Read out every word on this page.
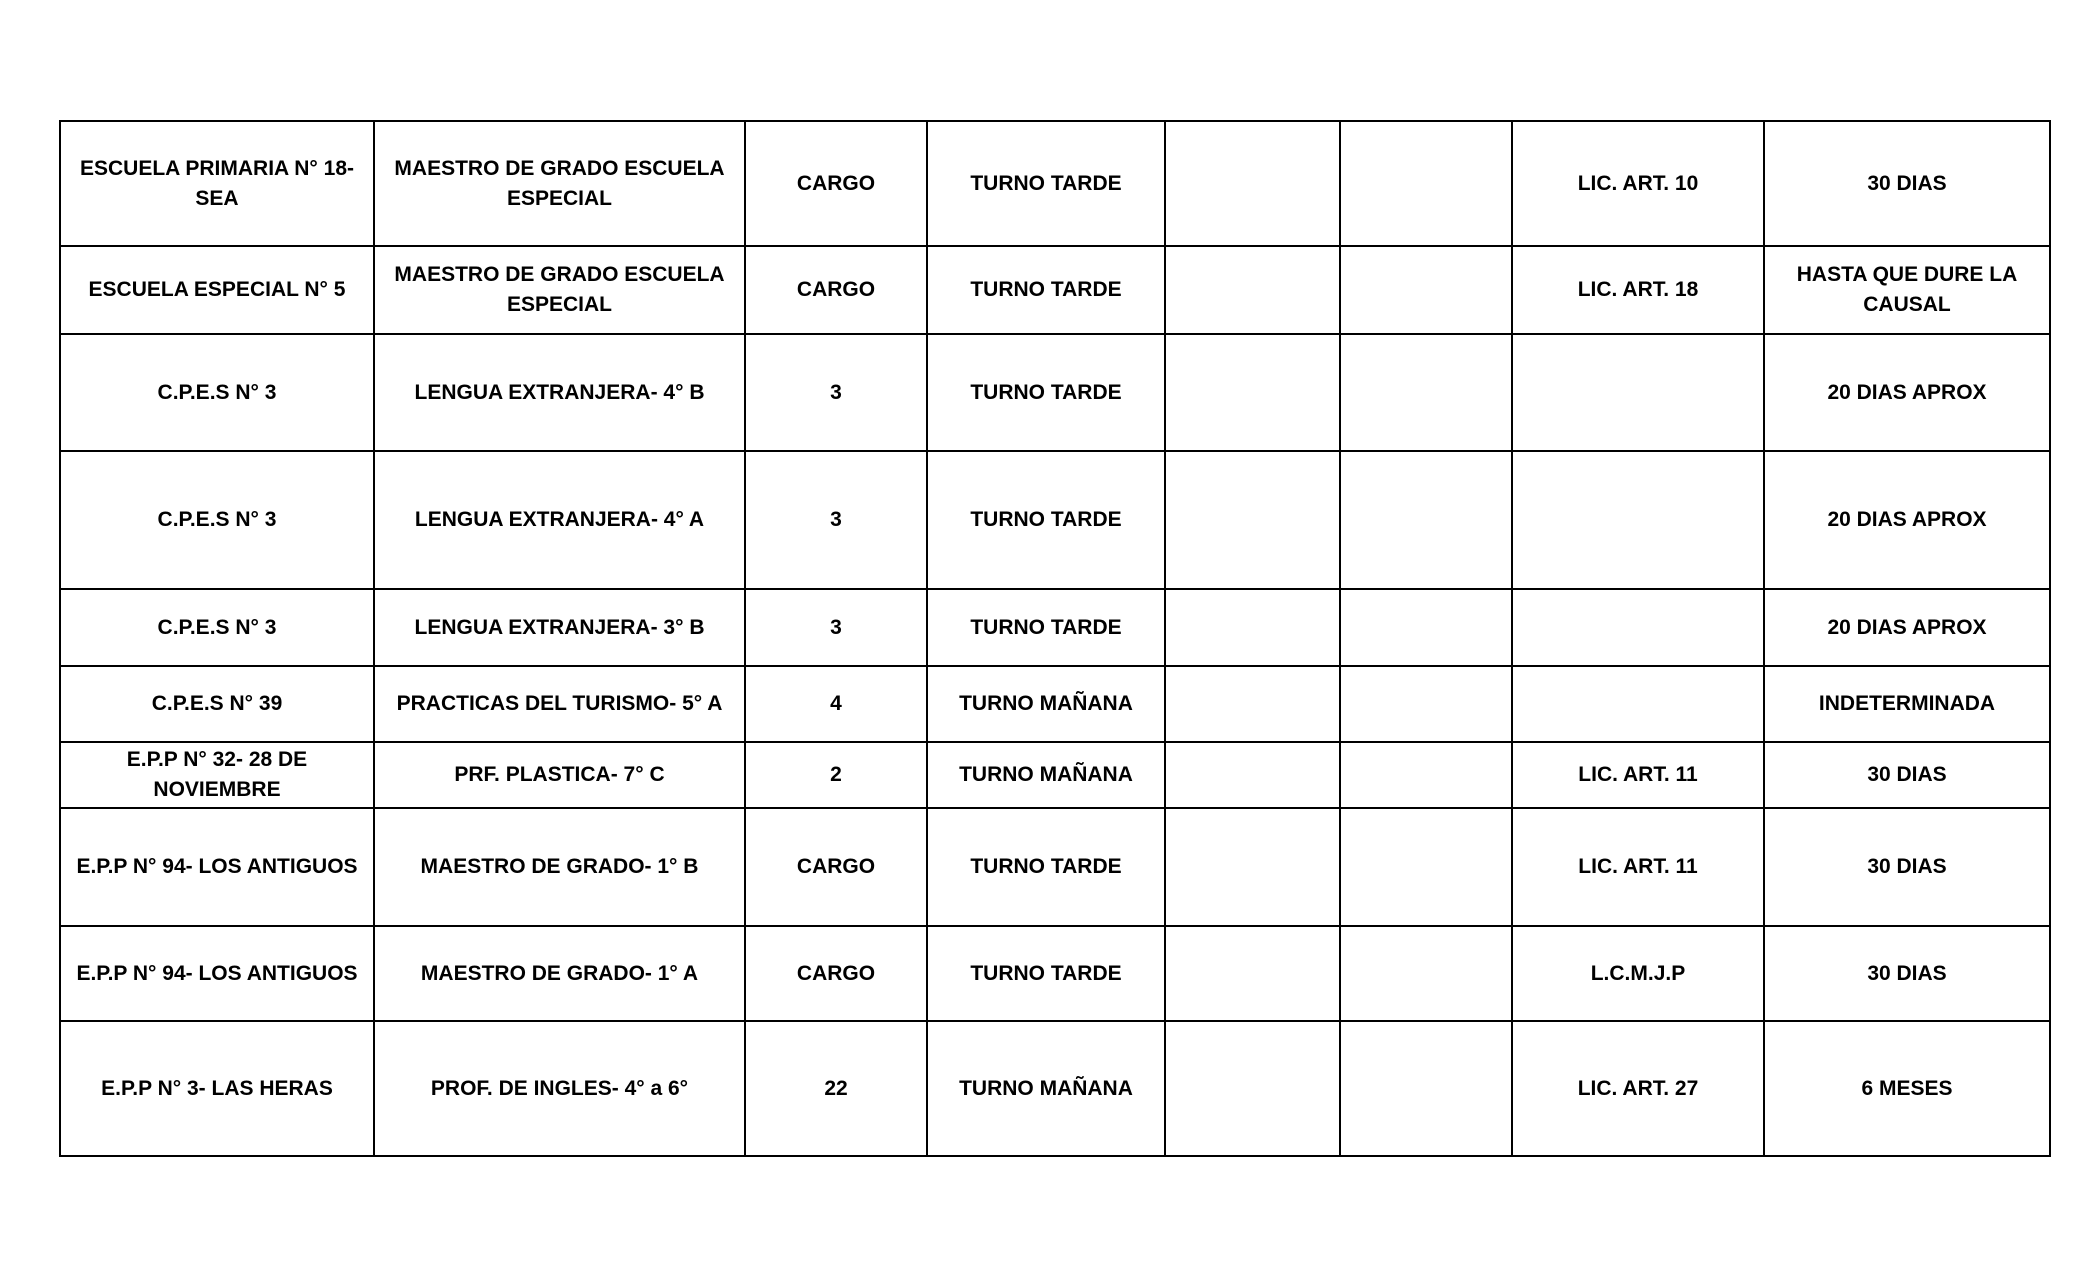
ESCUELA PRIMARIA N° 18- SEA	MAESTRO DE GRADO ESCUELA ESPECIAL	CARGO	TURNO TARDE			LIC. ART. 10	30 DIAS
ESCUELA ESPECIAL N° 5	MAESTRO DE GRADO ESCUELA ESPECIAL	CARGO	TURNO TARDE			LIC. ART. 18	HASTA QUE DURE LA CAUSAL
C.P.E.S N° 3	LENGUA EXTRANJERA- 4° B	3	TURNO TARDE				20 DIAS APROX
C.P.E.S N° 3	LENGUA EXTRANJERA- 4° A	3	TURNO TARDE				20 DIAS APROX
C.P.E.S N° 3	LENGUA EXTRANJERA- 3° B	3	TURNO TARDE				20 DIAS APROX
C.P.E.S N° 39	PRACTICAS DEL TURISMO- 5° A	4	TURNO MAÑANA				INDETERMINADA
E.P.P N° 32- 28 DE NOVIEMBRE	PRF. PLASTICA- 7° C	2	TURNO MAÑANA			LIC. ART. 11	30 DIAS
E.P.P N° 94- LOS ANTIGUOS	MAESTRO DE GRADO- 1° B	CARGO	TURNO TARDE			LIC. ART. 11	30 DIAS
E.P.P N° 94- LOS ANTIGUOS	MAESTRO DE GRADO- 1° A	CARGO	TURNO TARDE			L.C.M.J.P	30 DIAS
E.P.P N° 3- LAS HERAS	PROF. DE INGLES- 4° a 6°	22	TURNO MAÑANA			LIC. ART. 27	6 MESES
